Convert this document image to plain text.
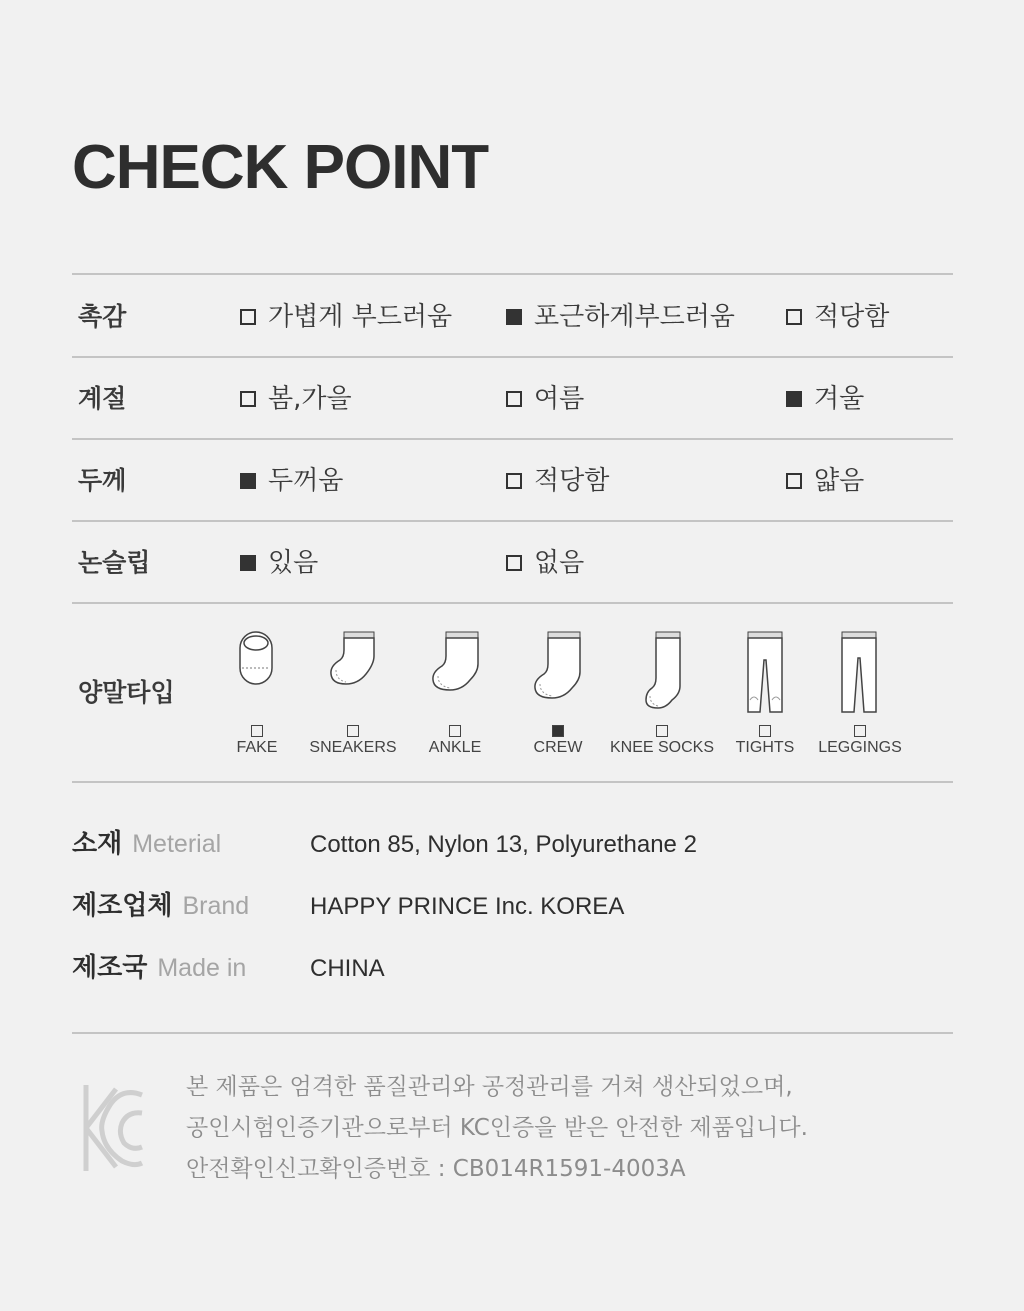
CHECK POINT
촉감	가볍게 부드러움	포근하게부드러움	적당함
계절	봄,가을	여름	겨울
두께	두꺼움	적당함	얇음
논슬립	있음	없음
양말타입
FAKE	SNEAKERS	ANKLE	CREW	KNEE SOCKS	TIGHTS	LEGGINGS
소재 Meterial	Cotton 85, Nylon 13, Polyurethane 2
제조업체 Brand	HAPPY PRINCE Inc. KOREA
제조국 Made in	CHINA
본 제품은 엄격한 품질관리와 공정관리를 거쳐 생산되었으며,
공인시험인증기관으로부터 KC인증을 받은 안전한 제품입니다.
안전확인신고확인증번호 : CB014R1591-4003A
